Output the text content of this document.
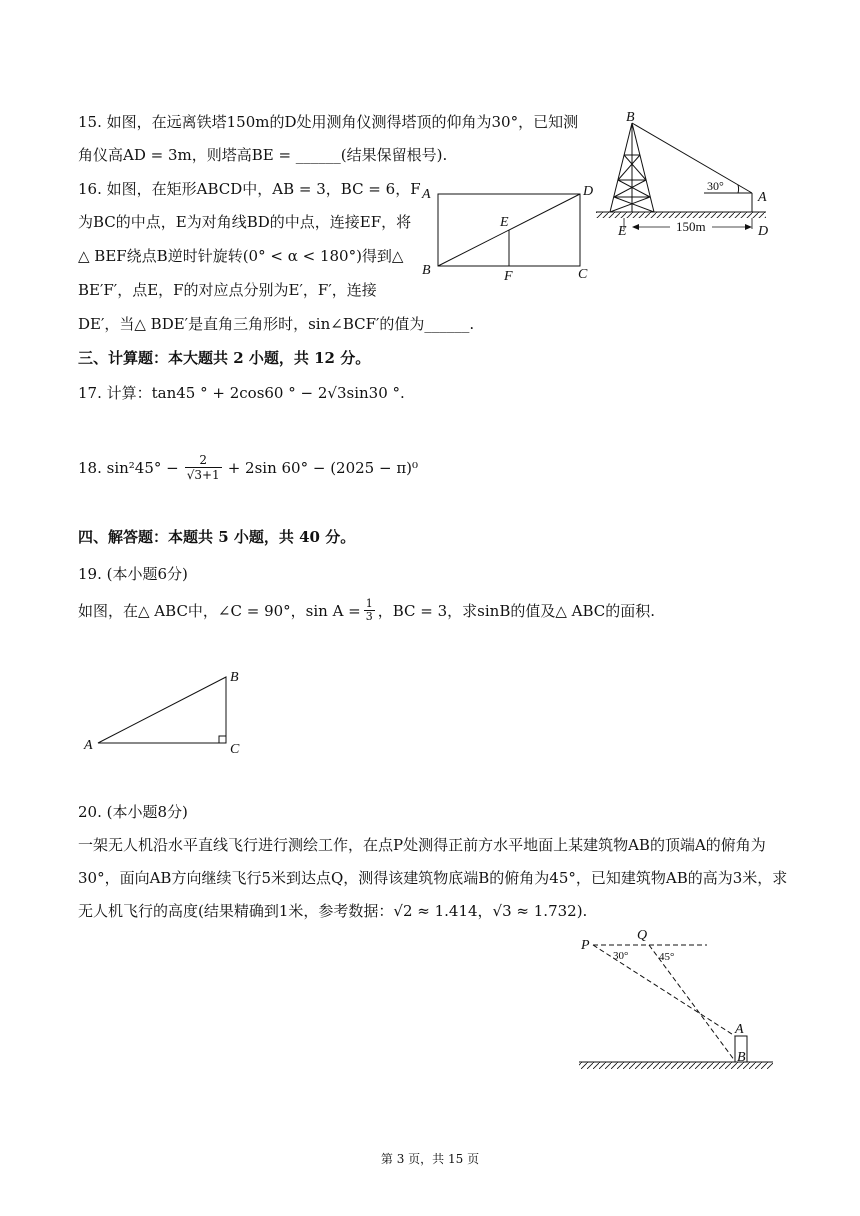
15. 如图，在远离铁塔150m的D处用测角仪测得塔顶的仰角为30°，已知测
角仪高AD = 3m，则塔高BE = ______(结果保留根号).
16. 如图，在矩形ABCD中，AB = 3，BC = 6，F
为BC的中点，E为对角线BD的中点，连接EF，将
△ BEF绕点B逆时针旋转(0° < α < 180°)得到△
BE′F′，点E，F的对应点分别为E′，F′，连接
DE′，当△ BDE′是直角三角形时，sin∠BCF′的值为______.
三、计算题：本大题共 2 小题，共 12 分。
17. 计算：tan45 ° + 2cos60 ° − 2√3sin30 °.
18. $\sin^245^\circ - \frac{2}{√3+1} + 2\sin$ 60° − (2025 − π)⁰
四、解答题：本题共 5 小题，共 40 分。
19. (本小题6分)
如图，在△ ABC中，∠C = 90°，$\sin A = \frac{1}{3}$ ，BC = 3，求sinB的值及△ ABC的面积.
20. (本小题8分)
一架无人机沿水平直线飞行进行测绘工作，在点P处测得正前方水平地面上某建筑物AB的顶端A的俯角为
30°，面向AB方向继续飞行5米到达点Q，测得该建筑物底端B的俯角为45°，已知建筑物AB的高为3米，求
无人机飞行的高度(结果精确到1米，参考数据：√2 ≈ 1.414，√3 ≈ 1.732).
B
A
E	D
30°
150m
A	D
E
B	F	C
A
B
C
P
Q
30°	45°
A
B
第 3 页，共 15 页
